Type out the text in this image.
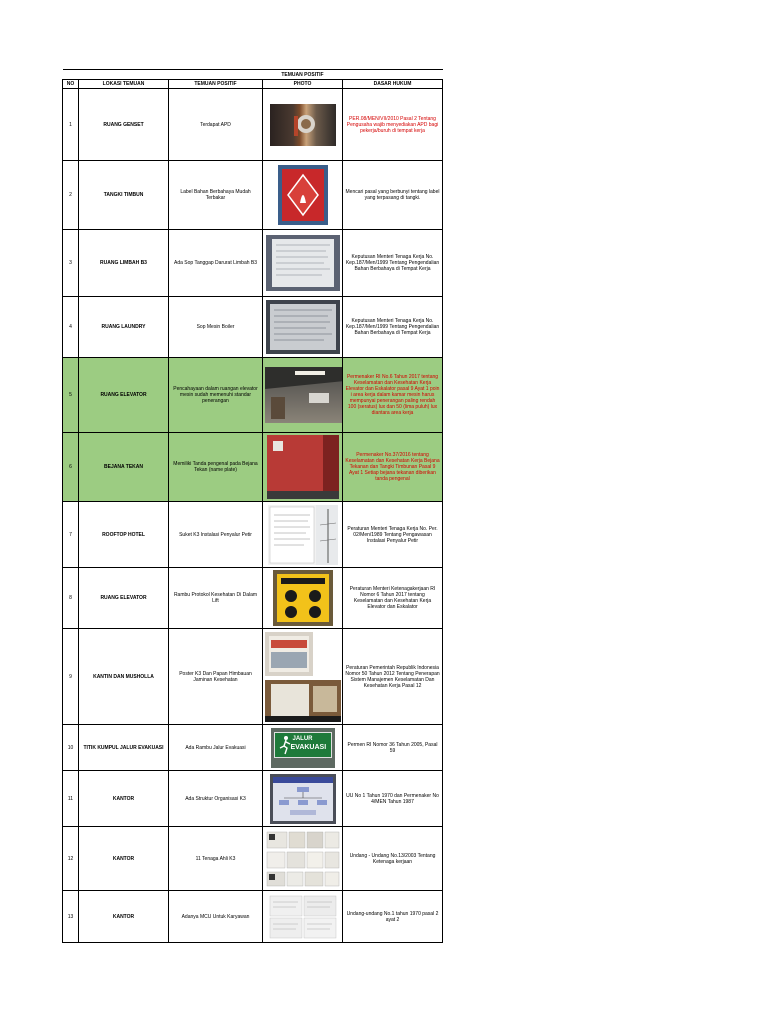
			TEMUAN POSITIF	
NO	LOKASI TEMUAN	TEMUAN POSITIF	PHOTO	DASAR HUKUM
1	RUANG GENSET	Terdapat APD		PER.08/MEN/VII/2010 Pasal 2 Tentang Pengusaha wajib menyediakan APD bagi pekerja/buruh di tempat kerja
2	TANGKI TIMBUN	Label Bahan Berbahaya Mudah Terbakar		Mencari pasal yang berbunyi tentang label yang terpasang di tangki.
3	RUANG LIMBAH B3	Ada Sop Tanggap Darurat Limbah B3		Keputusan Menteri Tenaga Kerja No. Kep.187/Men/1999 Tentang Pengendalian Bahan Berbahaya di Tempat Kerja
4	RUANG LAUNDRY	Sop Mesin Boiler		Keputusan Menteri Tenaga Kerja No. Kep.187/Men/1999 Tentang Pengendalian Bahan Berbahaya di Tempat Kerja
5	RUANG ELEVATOR	Pencahayaan dalam ruangan elevator mesin sudah memenuhi standar penerangan		Permenaker RI No.6 Tahun 2017 tentang Keselamatan dan Kesehatan Kerja Elevator dan Eskalator pasal 9 Ayat 1 poin i area kerja dalam kamar mesin harus mempunyai penerangan paling rendah 100 (seratus) lux dan 50 (lima puluh) lux diantara area kerja
6	BEJANA TEKAN	Memiliki Tanda pengenal pada Bejana Tekan (name plate)		Permenaker No.37/2016 tentang Keselamatan dan Kesehatan Kerja Bejana Tekanan dan Tangki Timbunan Pasal 9 Ayat 1 Setiap bejana tekanan diberikan tanda pengenal
7	ROOFTOP HOTEL	Suket K3 Instalasi Penyalur Petir		Peraturan Menteri Tenaga Kerja No. Per. 02/Men/1989 Tentang Pengawasan Instalasi Penyalur Petir
8	RUANG ELEVATOR	Rambu Protokol Kesehatan Di Dalam Lift		Peraturan Menteri Ketenagakerjaan RI Nomor 6 Tahun 2017 tentang Keselamatan dan Kesehatan Kerja Elevator dan Eskalator
9	KANTIN DAN MUSHOLLA	Poster K3 Dan Papan Himbauan Jaminan Kesehatan		Peraturan Pemerintah Republik Indonesia Nomor 50 Tahun 2012 Tentang Penerapan Sistem Manajemen Keselamatan Dan Kesehatan Kerja Pasal 12
10	TITIK KUMPUL JALUR EVAKUASI	Ada Rambu Jalur Evakuasi	JALUR
EVAKUASI	Permen RI Nomor 36 Tahun 2005, Pasal 59
11	KANTOR	Ada Struktur Organisasi K3		UU No 1 Tahun 1970 dan Permenaker No 4/MEN Tahun 1987
12	KANTOR	11 Tenaga Ahli K3		Undang - Undang No.13/2003 Tentang Ketenaga kerjaan
13	KANTOR	Adanya MCU Untuk Karyawan		Undang-undang No.1 tahun 1970 pasal 2 ayat 2
